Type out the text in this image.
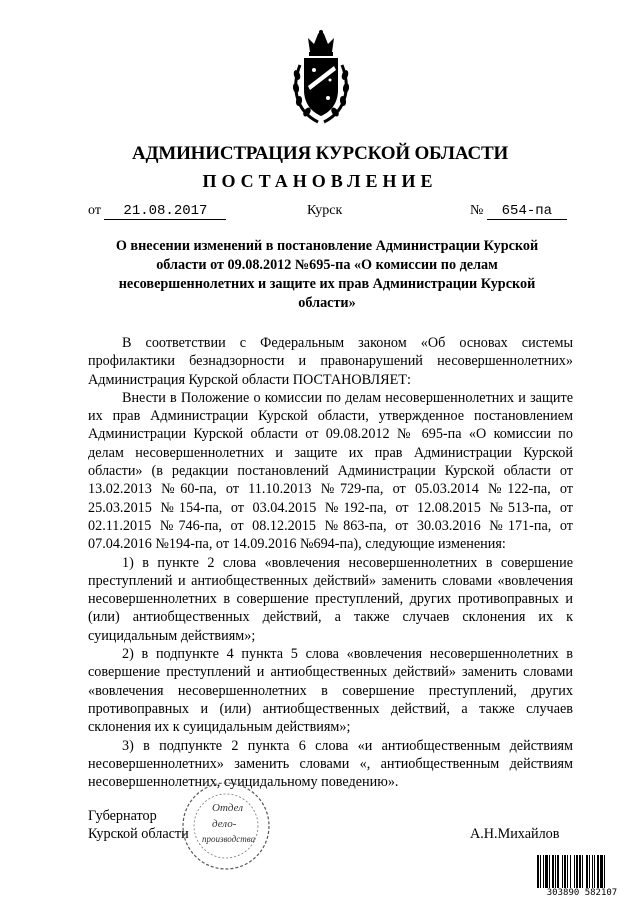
АДМИНИСТРАЦИЯ КУРСКОЙ ОБЛАСТИ
ПОСТАНОВЛЕНИЕ
от 21.08.2017	Курск	№ 654-па
О внесении изменений в постановление Администрации Курской
области от 09.08.2012 №695-па «О комиссии по делам
несовершеннолетних и защите их прав Администрации Курской
области»

В соответствии с Федеральным законом «Об основах системы профилактики безнадзорности и правонарушений несовершеннолетних» Администрация Курской области ПОСТАНОВЛЯЕТ:

Внести в Положение о комиссии по делам несовершеннолетних и защите их прав Администрации Курской области, утвержденное постановлением Администрации Курской области от 09.08.2012 № 695-па «О комиссии по делам несовершеннолетних и защите их прав Администрации Курской области» (в редакции постановлений Администрации Курской области от 13.02.2013 №60-па, от 11.10.2013 №729-па, от 05.03.2014 №122-па, от 25.03.2015 №154-па, от 03.04.2015 №192-па, от 12.08.2015 №513-па, от 02.11.2015 №746-па, от 08.12.2015 №863-па, от 30.03.2016 №171-па, от 07.04.2016 №194-па, от 14.09.2016 №694-па), следующие изменения:

1) в пункте 2 слова «вовлечения несовершеннолетних в совершение преступлений и антиобщественных действий» заменить словами «вовлечения несовершеннолетних в совершение преступлений, других противоправных и (или) антиобщественных действий, а также случаев склонения их к суицидальным действиям»;

2) в подпункте 4 пункта 5 слова «вовлечения несовершеннолетних в совершение преступлений и антиобщественных действий» заменить словами «вовлечения несовершеннолетних в совершение преступлений, других противоправных и (или) антиобщественных действий, а также случаев склонения их к суицидальным действиям»;

3) в подпункте 2 пункта 6 слова «и антиобщественным действиям несовершеннолетних» заменить словами «, антиобщественным действиям несовершеннолетних, суицидальному поведению».

Губернатор
Курской области	А.Н.Михайлов
Отдел
дело-
производства
303890 582107
